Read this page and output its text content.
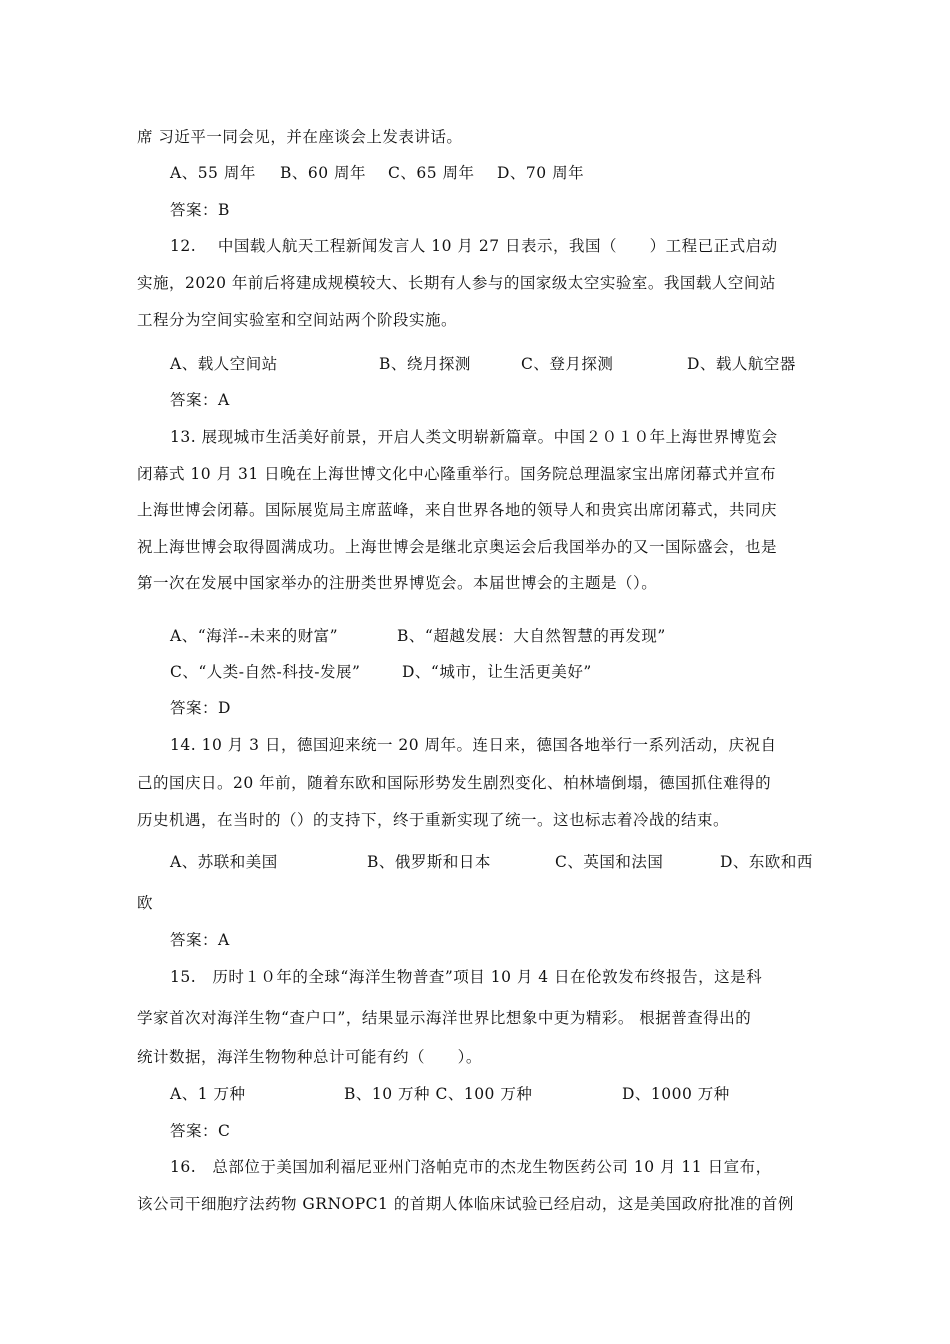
席 习近平一同会见，并在座谈会上发表讲话。
A、55 周年 B、60 周年 C、65 周年 D、70 周年
答案：B
12.    中国载人航天工程新闻发言人 10 月 27 日表示，我国（      ）工程已正式启动
实施，2020 年前后将建成规模较大、长期有人参与的国家级太空实验室。我国载人空间站
工程分为空间实验室和空间站两个阶段实施。
A、载人空间站	B、绕月探测	C、登月探测	D、载人航空器
答案：A
13. 展现城市生活美好前景，开启人类文明崭新篇章。中国２０１０年上海世界博览会
闭幕式 10 月 31 日晚在上海世博文化中心隆重举行。国务院总理温家宝出席闭幕式并宣布
上海世博会闭幕。国际展览局主席蓝峰，来自世界各地的领导人和贵宾出席闭幕式，共同庆
祝上海世博会取得圆满成功。上海世博会是继北京奥运会后我国举办的又一国际盛会，也是
第一次在发展中国家举办的注册类世界博览会。本届世博会的主题是（）。
A、“海洋--未来的财富”	B、“超越发展：大自然智慧的再发现”
C、“人类-自然-科技-发展”	D、“城市，让生活更美好”
答案：D
14. 10 月 3 日，德国迎来统一 20 周年。连日来，德国各地举行一系列活动，庆祝自
己的国庆日。20 年前，随着东欧和国际形势发生剧烈变化、柏林墙倒塌，德国抓住难得的
历史机遇，在当时的（）的支持下，终于重新实现了统一。这也标志着冷战的结束。
A、苏联和美国	B、俄罗斯和日本	C、英国和法国	D、东欧和西
欧
答案：A
15.   历时１０年的全球“海洋生物普查”项目 10 月 4 日在伦敦发布终报告，这是科
学家首次对海洋生物“查户口”，结果显示海洋世界比想象中更为精彩。 根据普查得出的
统计数据，海洋生物物种总计可能有约（      ）。
A、1 万种	B、10 万种 C、100 万种	D、1000 万种
答案：C
16.   总部位于美国加利福尼亚州门洛帕克市的杰龙生物医药公司 10 月 11 日宣布，
该公司干细胞疗法药物 GRNOPC1 的首期人体临床试验已经启动，这是美国政府批准的首例
